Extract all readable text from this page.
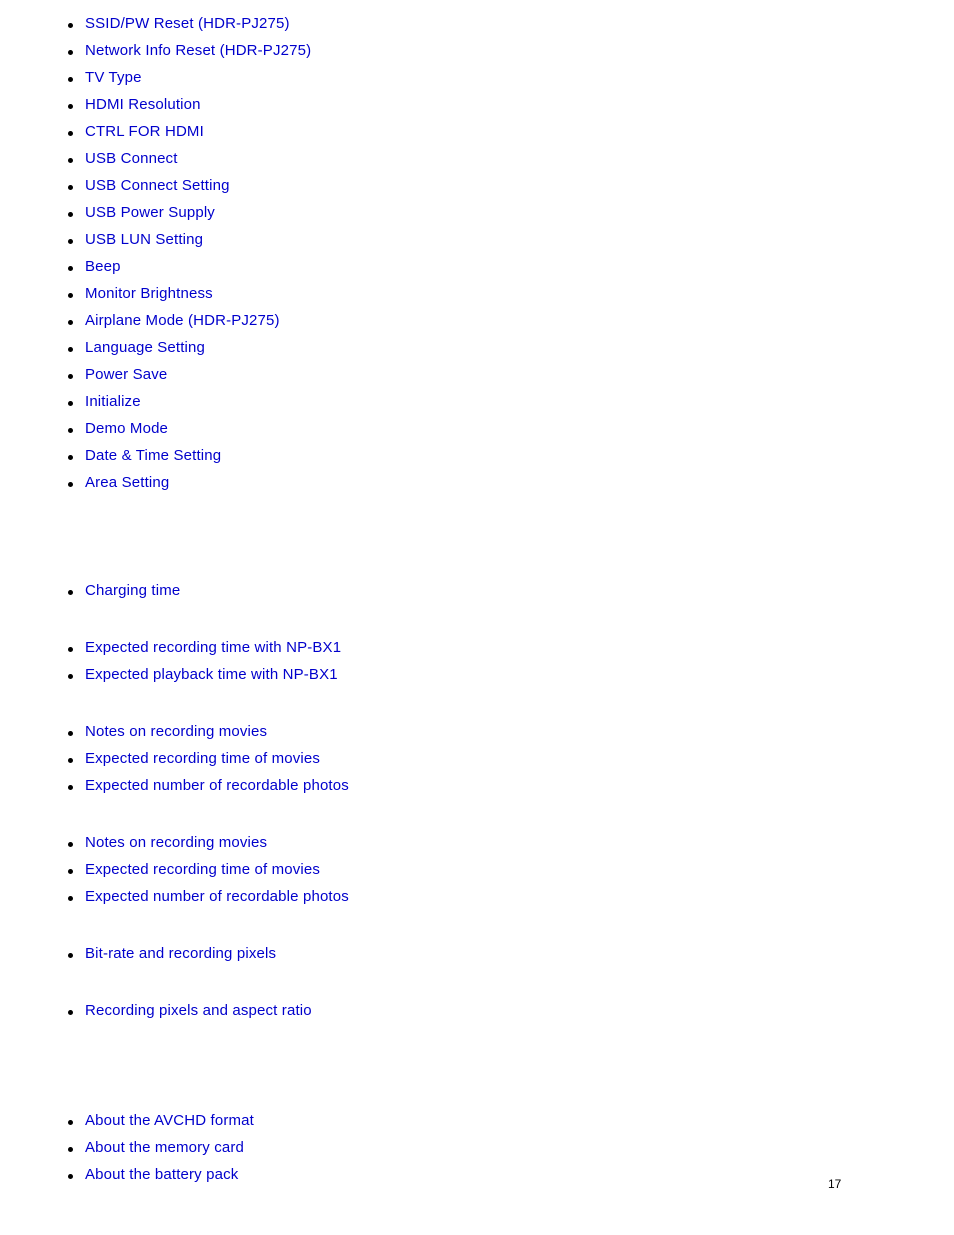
SSID/PW Reset (HDR-PJ275)
Network Info Reset (HDR-PJ275)
TV Type
HDMI Resolution
CTRL FOR HDMI
USB Connect
USB Connect Setting
USB Power Supply
USB LUN Setting
Beep
Monitor Brightness
Airplane Mode (HDR-PJ275)
Language Setting
Power Save
Initialize
Demo Mode
Date & Time Setting
Area Setting
Charging time
Expected recording time with NP-BX1
Expected playback time with NP-BX1
Notes on recording movies
Expected recording time of movies
Expected number of recordable photos
Notes on recording movies
Expected recording time of movies
Expected number of recordable photos
Bit-rate and recording pixels
Recording pixels and aspect ratio
About the AVCHD format
About the memory card
About the battery pack
17
